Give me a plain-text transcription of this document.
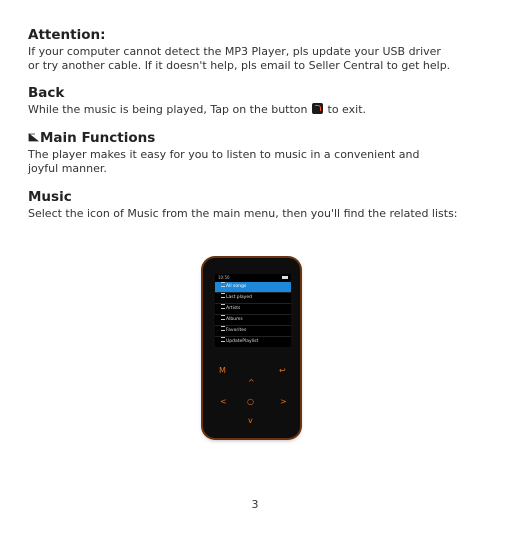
Attention:
If your computer cannot detect the MP3 Player, pls update your USB driver
or try another cable. If it doesn't help, pls email to Seller Central to get help.
Back
While the music is being played, Tap on the button to exit.
Main Functions
The player makes it easy for you to listen to music in a convenient and
joyful manner.
Music
Select the icon of Music from the main menu, then you'll find the related lists:
10:50
All songs
Last played
Artists
Albums
Favorites
UpdatePlaylist
M	↩
^
<	○	>
v
3
